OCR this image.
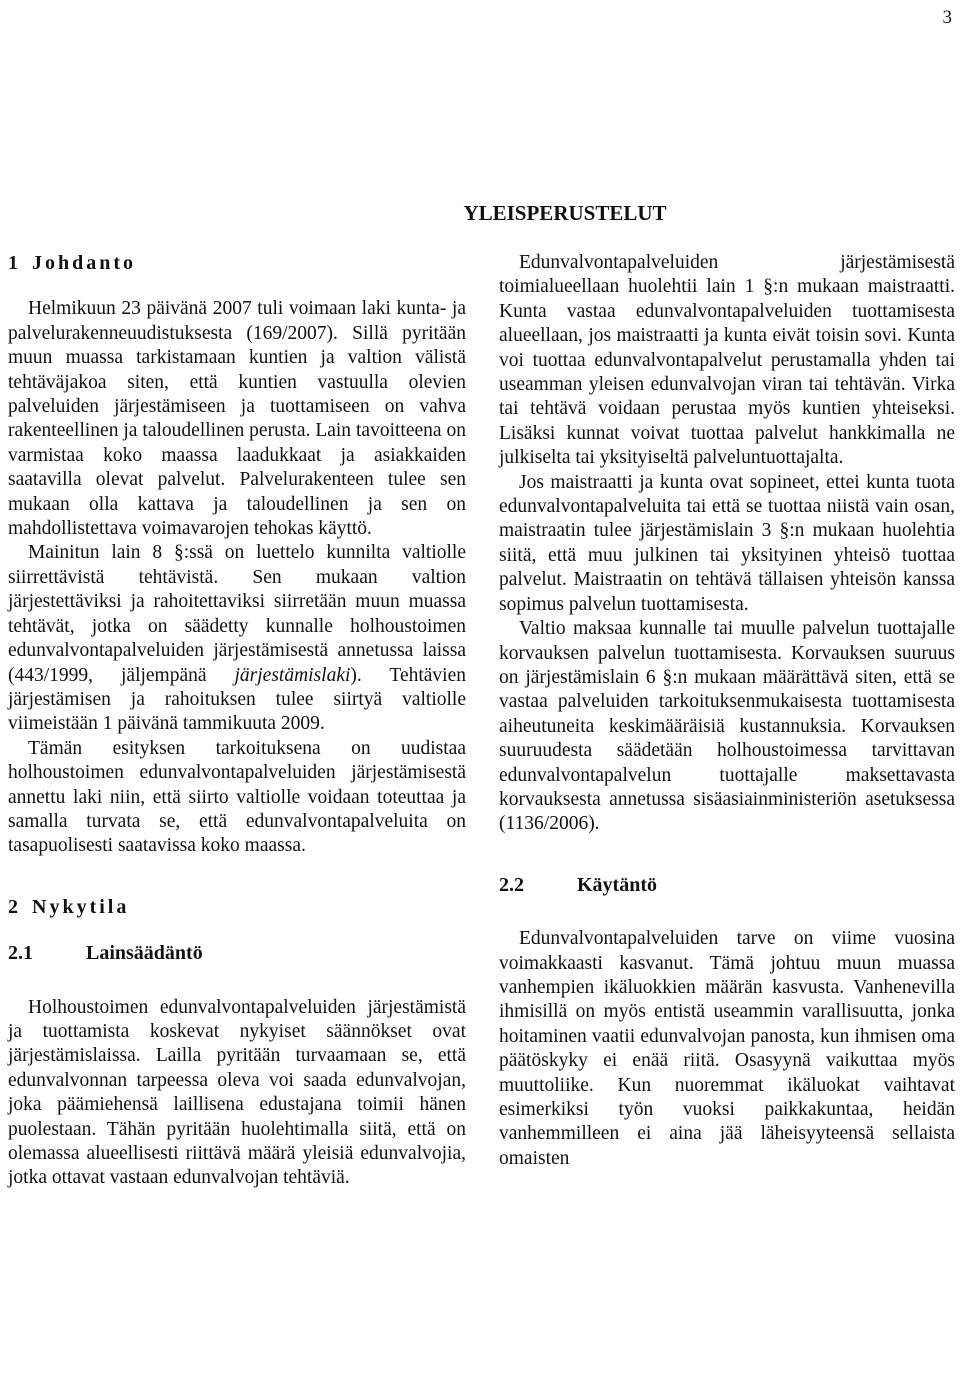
3
YLEISPERUSTELUT
1 Johdanto

Helmikuun 23 päivänä 2007 tuli voimaan laki kunta- ja palvelurakenneuudistuksesta (169/2007). Sillä pyritään muun muassa tarkistamaan kuntien ja valtion välistä tehtäväjakoa siten, että kuntien vastuulla olevien palveluiden järjestämiseen ja tuottamiseen on vahva rakenteellinen ja taloudellinen perusta. Lain tavoitteena on varmistaa koko maassa laadukkaat ja asiakkaiden saatavilla olevat palvelut. Palvelurakenteen tulee sen mukaan olla kattava ja taloudellinen ja sen on mahdollistettava voimavarojen tehokas käyttö.

Mainitun lain 8 §:ssä on luettelo kunnilta valtiolle siirrettävistä tehtävistä. Sen mukaan valtion järjestettäviksi ja rahoitettaviksi siirretään muun muassa tehtävät, jotka on säädetty kunnalle holhoustoimen edunvalvontapalveluiden järjestämisestä annetussa laissa (443/1999, jäljempänä järjestämislaki). Tehtävien järjestämisen ja rahoituksen tulee siirtyä valtiolle viimeistään 1 päivänä tammikuuta 2009.

Tämän esityksen tarkoituksena on uudistaa holhoustoimen edunvalvontapalveluiden järjestämisestä annettu laki niin, että siirto valtiolle voidaan toteuttaa ja samalla turvata se, että edunvalvontapalveluita on tasapuolisesti saatavissa koko maassa.

2 Nykytila
2.1	Lainsäädäntö

Holhoustoimen edunvalvontapalveluiden järjestämistä ja tuottamista koskevat nykyiset säännökset ovat järjestämislaissa. Lailla pyritään turvaamaan se, että edunvalvonnan tarpeessa oleva voi saada edunvalvojan, joka päämiehensä laillisena edustajana toimii hänen puolestaan. Tähän pyritään huolehtimalla siitä, että on olemassa alueellisesti riittävä määrä yleisiä edunvalvojia, jotka ottavat vastaan edunvalvojan tehtäviä.

Edunvalvontapalveluiden järjestämisestä toimialueellaan huolehtii lain 1 §:n mukaan maistraatti. Kunta vastaa edunvalvontapalveluiden tuottamisesta alueellaan, jos maistraatti ja kunta eivät toisin sovi. Kunta voi tuottaa edunvalvontapalvelut perustamalla yhden tai useamman yleisen edunvalvojan viran tai tehtävän. Virka tai tehtävä voidaan perustaa myös kuntien yhteiseksi. Lisäksi kunnat voivat tuottaa palvelut hankkimalla ne julkiselta tai yksityiseltä palveluntuottajalta.

Jos maistraatti ja kunta ovat sopineet, ettei kunta tuota edunvalvontapalveluita tai että se tuottaa niistä vain osan, maistraatin tulee järjestämislain 3 §:n mukaan huolehtia siitä, että muu julkinen tai yksityinen yhteisö tuottaa palvelut. Maistraatin on tehtävä tällaisen yhteisön kanssa sopimus palvelun tuottamisesta.

Valtio maksaa kunnalle tai muulle palvelun tuottajalle korvauksen palvelun tuottamisesta. Korvauksen suuruus on järjestämislain 6 §:n mukaan määrättävä siten, että se vastaa palveluiden tarkoituksenmukaisesta tuottamisesta aiheutuneita keskimääräisiä kustannuksia. Korvauksen suuruudesta säädetään holhoustoimessa tarvittavan edunvalvontapalvelun tuottajalle maksettavasta korvauksesta annetussa sisäasiainministeriön asetuksessa (1136/2006).

2.2	Käytäntö

Edunvalvontapalveluiden tarve on viime vuosina voimakkaasti kasvanut. Tämä johtuu muun muassa vanhempien ikäluokkien määrän kasvusta. Vanhenevilla ihmisillä on myös entistä useammin varallisuutta, jonka hoitaminen vaatii edunvalvojan panosta, kun ihmisen oma päätöskyky ei enää riitä. Osasyynä vaikuttaa myös muuttoliike. Kun nuoremmat ikäluokat vaihtavat esimerkiksi työn vuoksi paikkakuntaa, heidän vanhemmilleen ei aina jää läheisyyteensä sellaista omaisten
